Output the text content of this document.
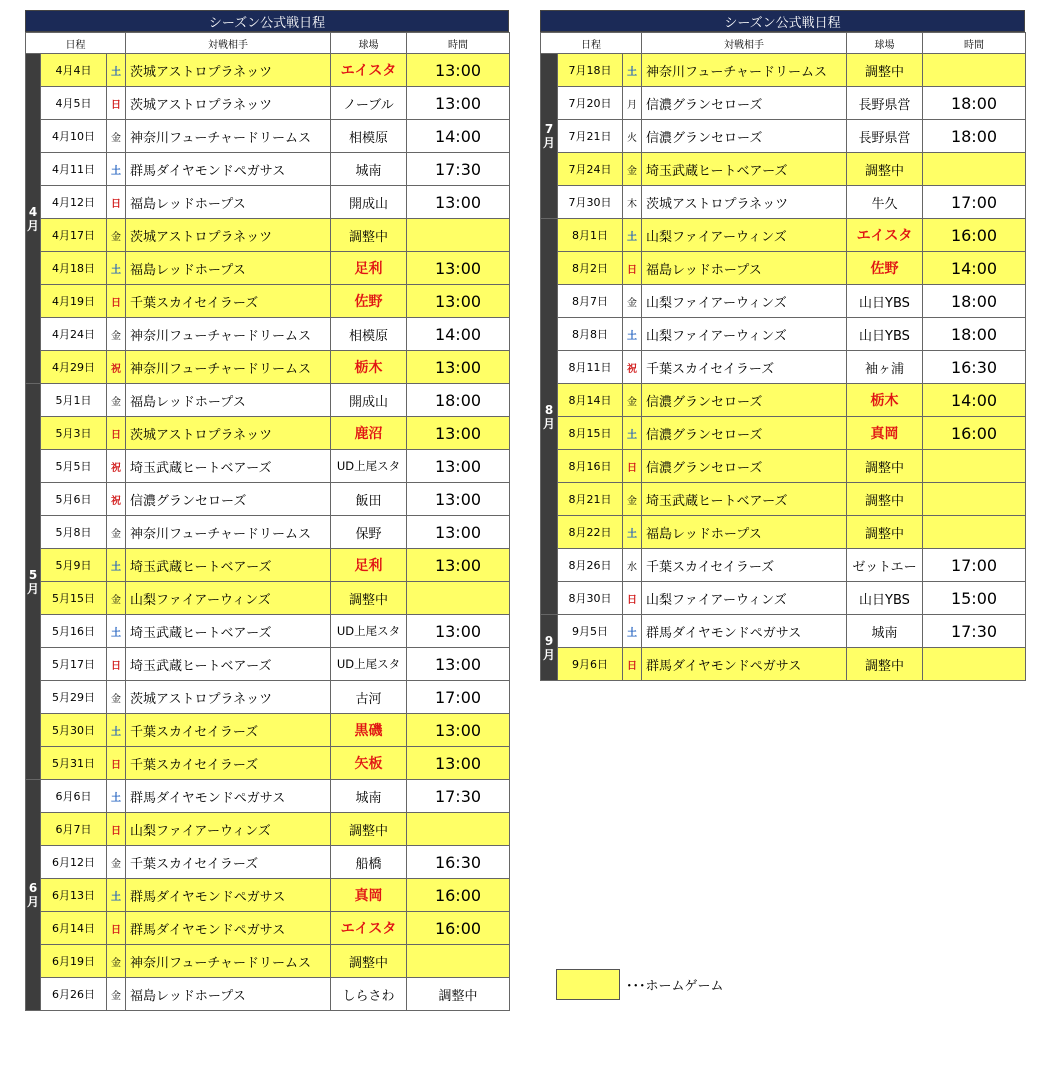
シーズン公式戦日程
日程			対戦相手	球場	時間
4月	4月4日	土	茨城アストロプラネッツ	エイスタ	13:00
	4月5日	日	茨城アストロプラネッツ	ノーブル	13:00
	4月10日	金	神奈川フューチャードリームス	相模原	14:00
	4月11日	土	群馬ダイヤモンドペガサス	城南	17:30
	4月12日	日	福島レッドホープス	開成山	13:00
	4月17日	金	茨城アストロプラネッツ	調整中	
	4月18日	土	福島レッドホープス	足利	13:00
	4月19日	日	千葉スカイセイラーズ	佐野	13:00
	4月24日	金	神奈川フューチャードリームス	相模原	14:00
	4月29日	祝	神奈川フューチャードリームス	栃木	13:00
5月	5月1日	金	福島レッドホープス	開成山	18:00
	5月3日	日	茨城アストロプラネッツ	鹿沼	13:00
	5月5日	祝	埼玉武蔵ヒートベアーズ	UD上尾スタ	13:00
	5月6日	祝	信濃グランセローズ	飯田	13:00
	5月8日	金	神奈川フューチャードリームス	保野	13:00
	5月9日	土	埼玉武蔵ヒートベアーズ	足利	13:00
	5月15日	金	山梨ファイアーウィンズ	調整中	
	5月16日	土	埼玉武蔵ヒートベアーズ	UD上尾スタ	13:00
	5月17日	日	埼玉武蔵ヒートベアーズ	UD上尾スタ	13:00
	5月29日	金	茨城アストロプラネッツ	古河	17:00
	5月30日	土	千葉スカイセイラーズ	黒磯	13:00
	5月31日	日	千葉スカイセイラーズ	矢板	13:00
6月	6月6日	土	群馬ダイヤモンドペガサス	城南	17:30
	6月7日	日	山梨ファイアーウィンズ	調整中	
	6月12日	金	千葉スカイセイラーズ	船橋	16:30
	6月13日	土	群馬ダイヤモンドペガサス	真岡	16:00
	6月14日	日	群馬ダイヤモンドペガサス	エイスタ	16:00
	6月19日	金	神奈川フューチャードリームス	調整中	
	6月26日	金	福島レッドホープス	しらさわ	調整中
シーズン公式戦日程
日程			対戦相手	球場	時間
7月	7月18日	土	神奈川フューチャードリームス	調整中	
	7月20日	月	信濃グランセローズ	長野県営	18:00
	7月21日	火	信濃グランセローズ	長野県営	18:00
	7月24日	金	埼玉武蔵ヒートベアーズ	調整中	
	7月30日	木	茨城アストロプラネッツ	牛久	17:00
8月	8月1日	土	山梨ファイアーウィンズ	エイスタ	16:00
	8月2日	日	福島レッドホープス	佐野	14:00
	8月7日	金	山梨ファイアーウィンズ	山日YBS	18:00
	8月8日	土	山梨ファイアーウィンズ	山日YBS	18:00
	8月11日	祝	千葉スカイセイラーズ	袖ヶ浦	16:30
	8月14日	金	信濃グランセローズ	栃木	14:00
	8月15日	土	信濃グランセローズ	真岡	16:00
	8月16日	日	信濃グランセローズ	調整中	
	8月21日	金	埼玉武蔵ヒートベアーズ	調整中	
	8月22日	土	福島レッドホープス	調整中	
	8月26日	水	千葉スカイセイラーズ	ゼットエー	17:00
	8月30日	日	山梨ファイアーウィンズ	山日YBS	15:00
9月	9月5日	土	群馬ダイヤモンドペガサス	城南	17:30
	9月6日	日	群馬ダイヤモンドペガサス	調整中	
･･･ホームゲーム
